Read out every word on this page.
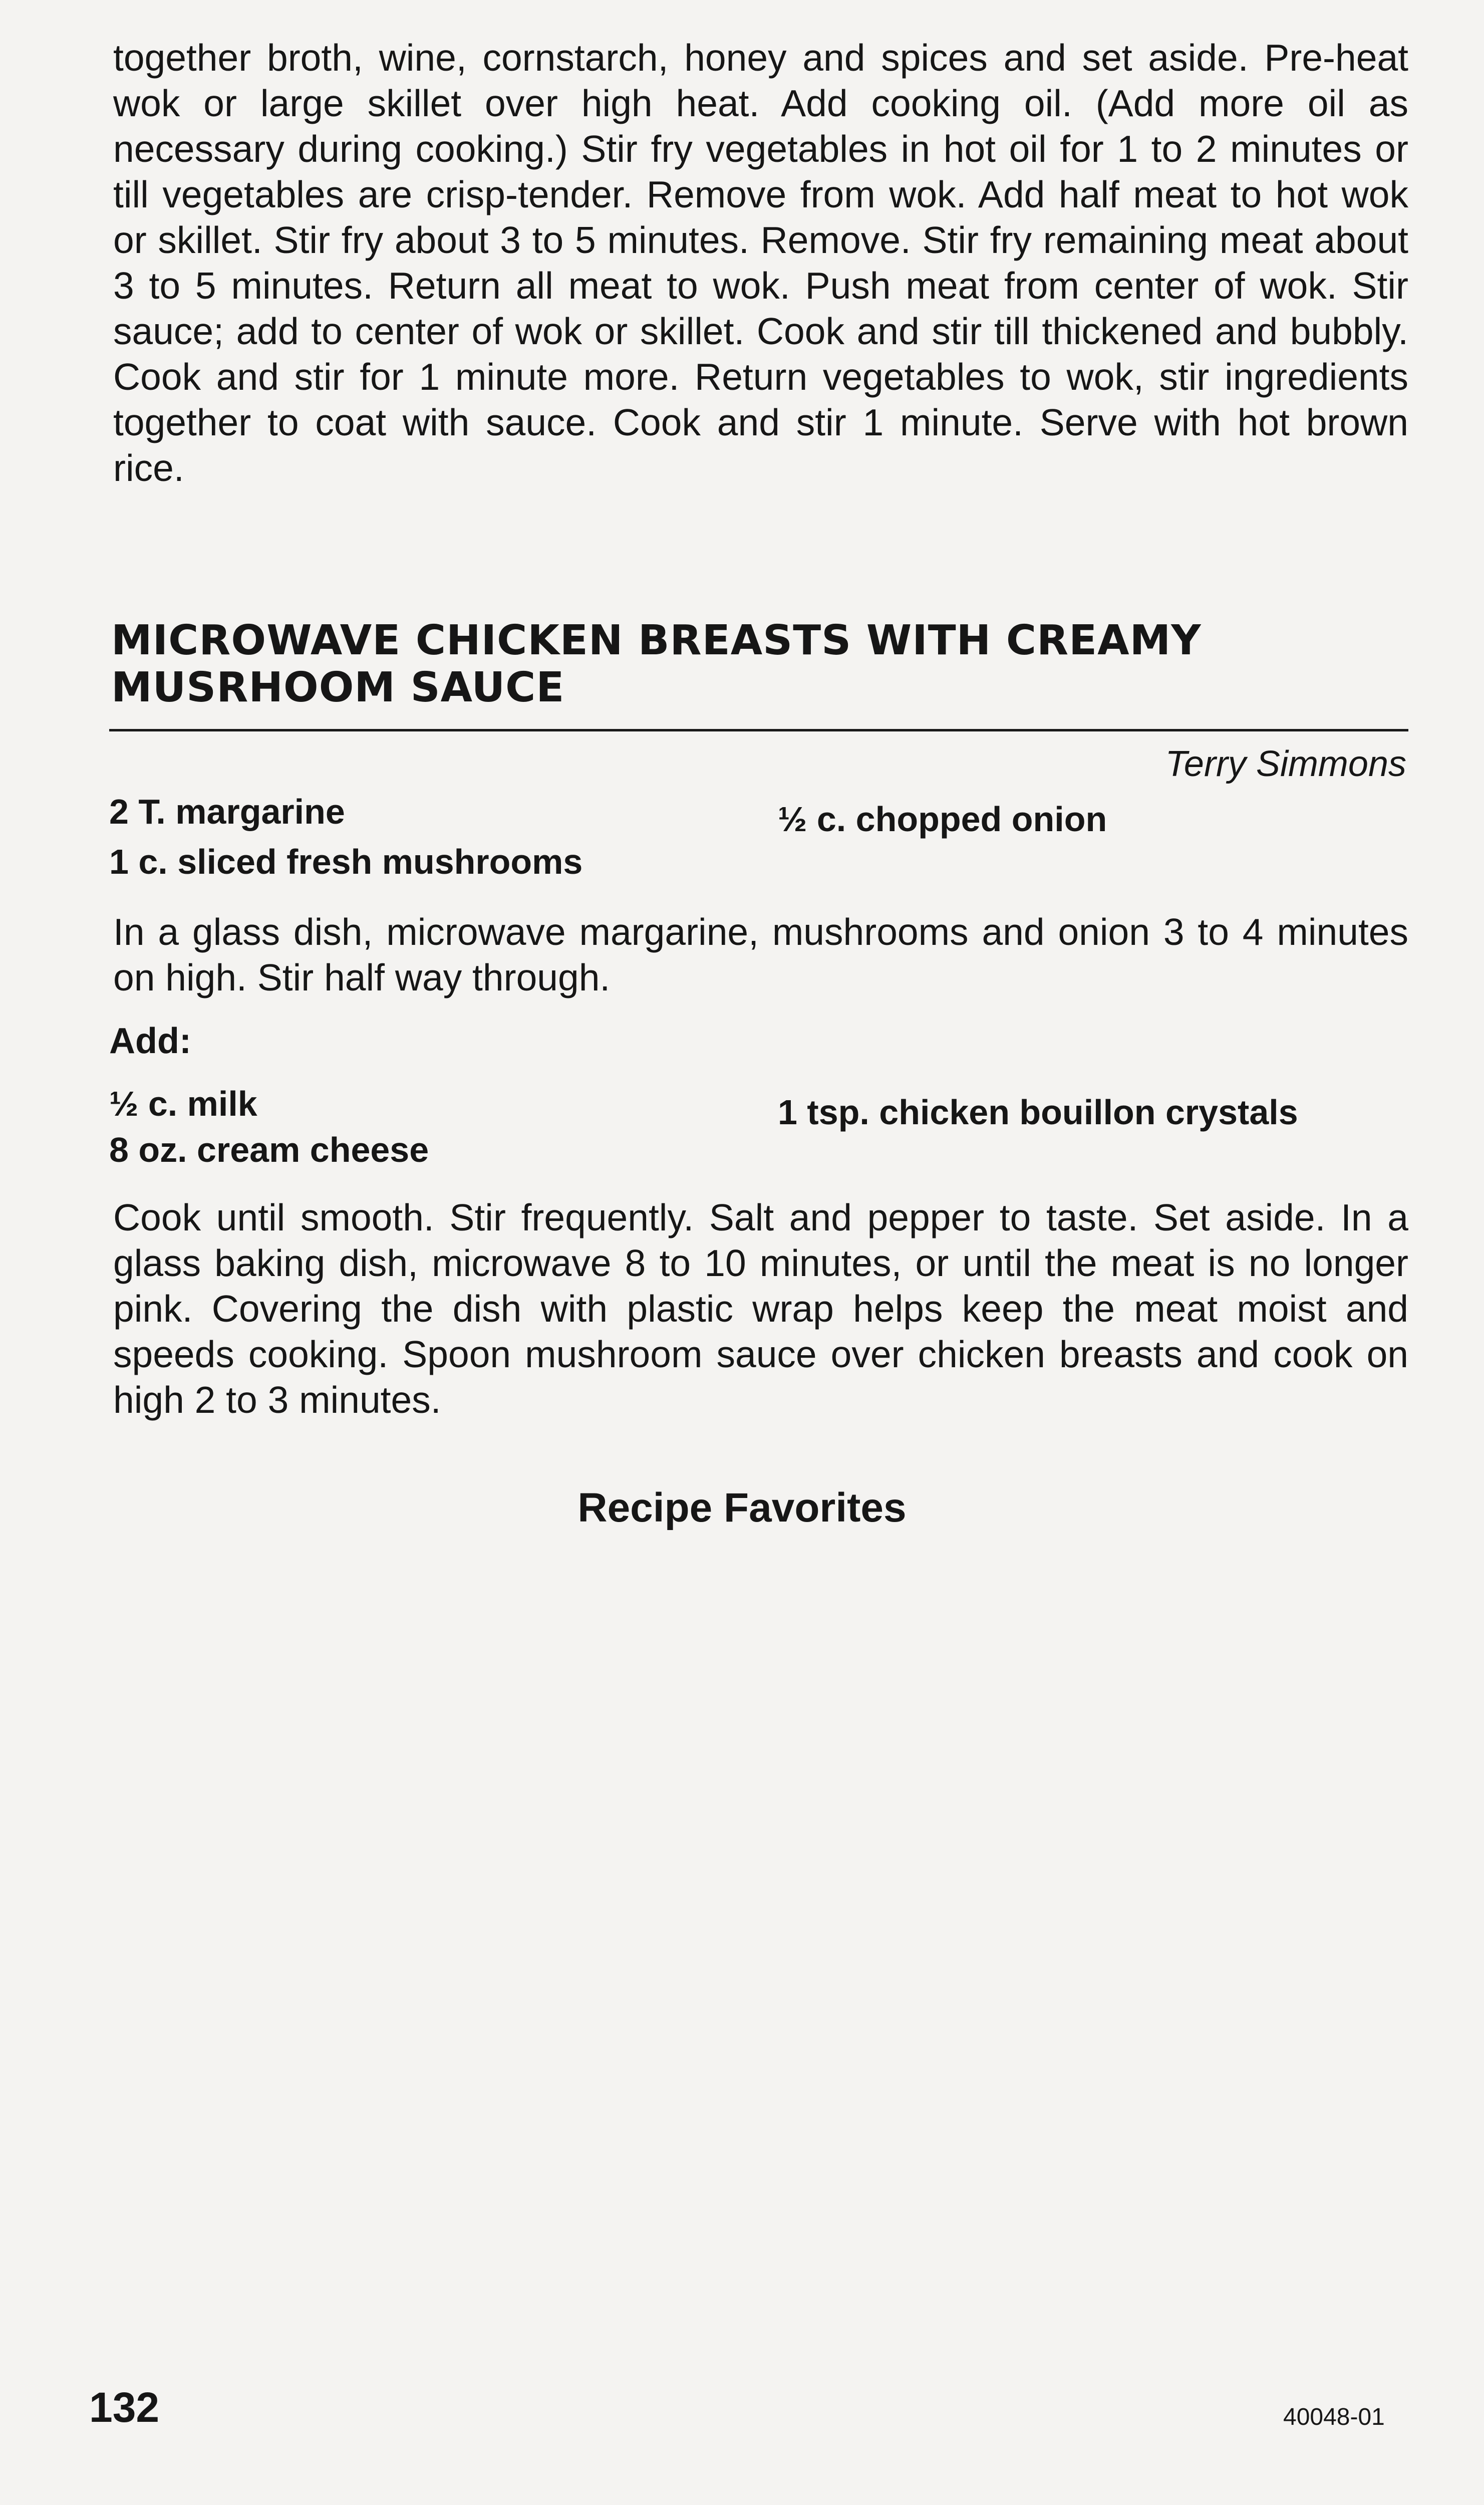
together broth, wine, cornstarch, honey and spices and set aside. Pre-heat wok or large skillet over high heat. Add cooking oil. (Add more oil as necessary during cooking.) Stir fry vegetables in hot oil for 1 to 2 minutes or till vegetables are crisp-tender. Remove from wok. Add half meat to hot wok or skillet. Stir fry about 3 to 5 minutes. Remove. Stir fry remaining meat about 3 to 5 minutes. Return all meat to wok. Push meat from center of wok. Stir sauce; add to center of wok or skillet. Cook and stir till thickened and bubbly. Cook and stir for 1 minute more. Return vegetables to wok, stir ingredients together to coat with sauce. Cook and stir 1 minute. Serve with hot brown rice.

MICROWAVE CHICKEN BREASTS WITH CREAMY MUSRHOOM SAUCE
Terry Simmons
2 T. margarine	½ c. chopped onion
1 c. sliced fresh mushrooms

In a glass dish, microwave margarine, mushrooms and onion 3 to 4 minutes on high. Stir half way through.

Add:
½ c. milk	1 tsp. chicken bouillon crystals
8 oz. cream cheese

Cook until smooth. Stir frequently. Salt and pepper to taste. Set aside. In a glass baking dish, microwave 8 to 10 minutes, or until the meat is no longer pink. Covering the dish with plastic wrap helps keep the meat moist and speeds cooking. Spoon mushroom sauce over chicken breasts and cook on high 2 to 3 minutes.

Recipe Favorites
132	40048-01
